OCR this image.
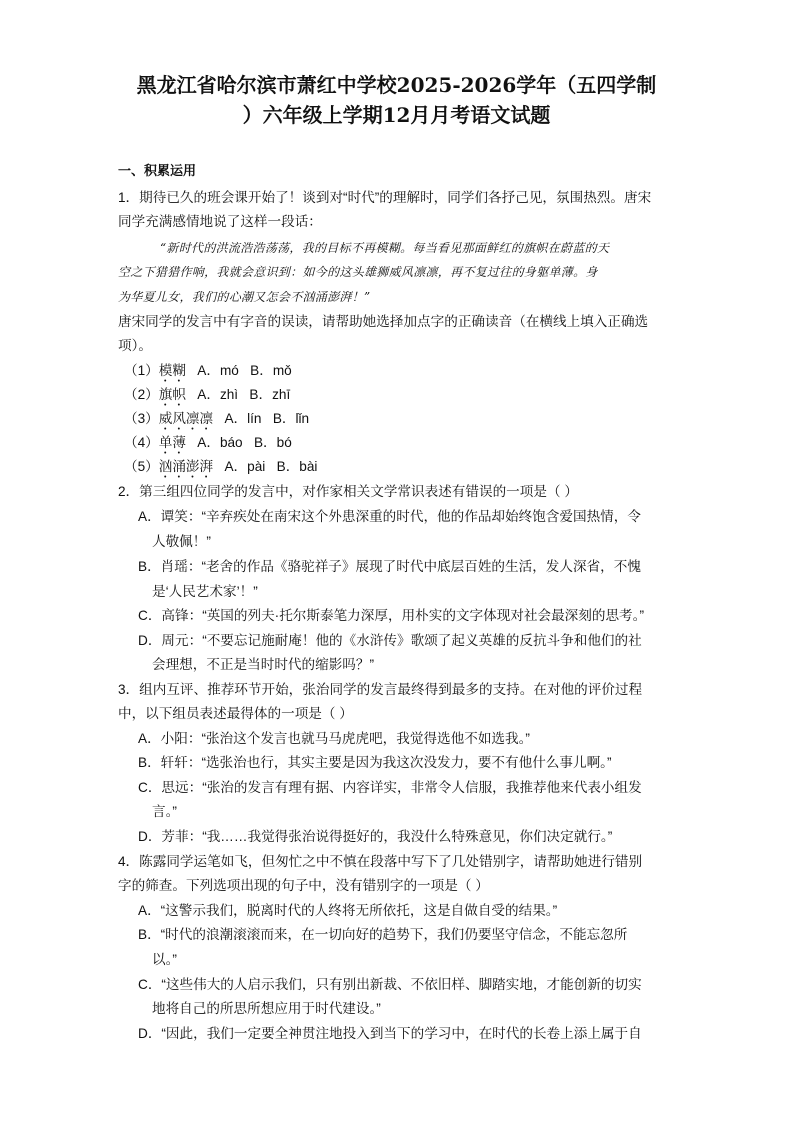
黑龙江省哈尔滨市萧红中学校2025-2026学年（五四学制
）六年级上学期12月月考语文试题
一、积累运用
1．期待已久的班会课开始了！谈到对“时代”的理解时，同学们各抒己见，氛围热烈。唐宋
同学充满感情地说了这样一段话：
“新时代的洪流浩浩荡荡，我的目标不再模糊。每当看见那面鲜红的旗帜在蔚蓝的天
空之下猎猎作响，我就会意识到：如今的这头雄狮威风凛凛，再不复过往的身躯单薄。身
为华夏儿女，我们的心潮又怎会不汹涌澎湃！”
唐宋同学的发言中有字音的误读，请帮助她选择加点字的正确读音（在横线上填入正确选
项）。
（1）模糊 A．mó B．mǒ
（2）旗帜 A．zhì B．zhī
（3）威风凛凛 A．lín B．lǐn
（4）单薄 A．báo B．bó
（5）汹涌澎湃 A．pài B．bài
2．第三组四位同学的发言中，对作家相关文学常识表述有错误的一项是（ ）
A．谭笑：“辛弃疾处在南宋这个外患深重的时代，他的作品却始终饱含爱国热情，令
人敬佩！”
B．肖瑶：“老舍的作品《骆驼祥子》展现了时代中底层百姓的生活，发人深省，不愧
是‘人民艺术家’！”
C．高锋：“英国的列夫·托尔斯泰笔力深厚，用朴实的文字体现对社会最深刻的思考。”
D．周元：“不要忘记施耐庵！他的《水浒传》歌颂了起义英雄的反抗斗争和他们的社
会理想，不正是当时时代的缩影吗？”
3．组内互评、推荐环节开始，张治同学的发言最终得到最多的支持。在对他的评价过程
中，以下组员表述最得体的一项是（ ）
A．小阳：“张治这个发言也就马马虎虎吧，我觉得选他不如选我。”
B．轩轩：“选张治也行，其实主要是因为我这次没发力，要不有他什么事儿啊。”
C．思远：“张治的发言有理有据、内容详实，非常令人信服，我推荐他来代表小组发
言。”
D．芳菲：“我……我觉得张治说得挺好的，我没什么特殊意见，你们决定就行。”
4．陈露同学运笔如飞，但匆忙之中不慎在段落中写下了几处错别字，请帮助她进行错别
字的筛查。下列选项出现的句子中，没有错别字的一项是（ ）
A．“这警示我们，脱离时代的人终将无所依托，这是自做自受的结果。”
B．“时代的浪潮滚滚而来，在一切向好的趋势下，我们仍要坚守信念，不能忘忽所
以。”
C．“这些伟大的人启示我们，只有别出新裁、不依旧样、脚踏实地，才能创新的切实
地将自己的所思所想应用于时代建设。”
D．“因此，我们一定要全神贯注地投入到当下的学习中，在时代的长卷上添上属于自
